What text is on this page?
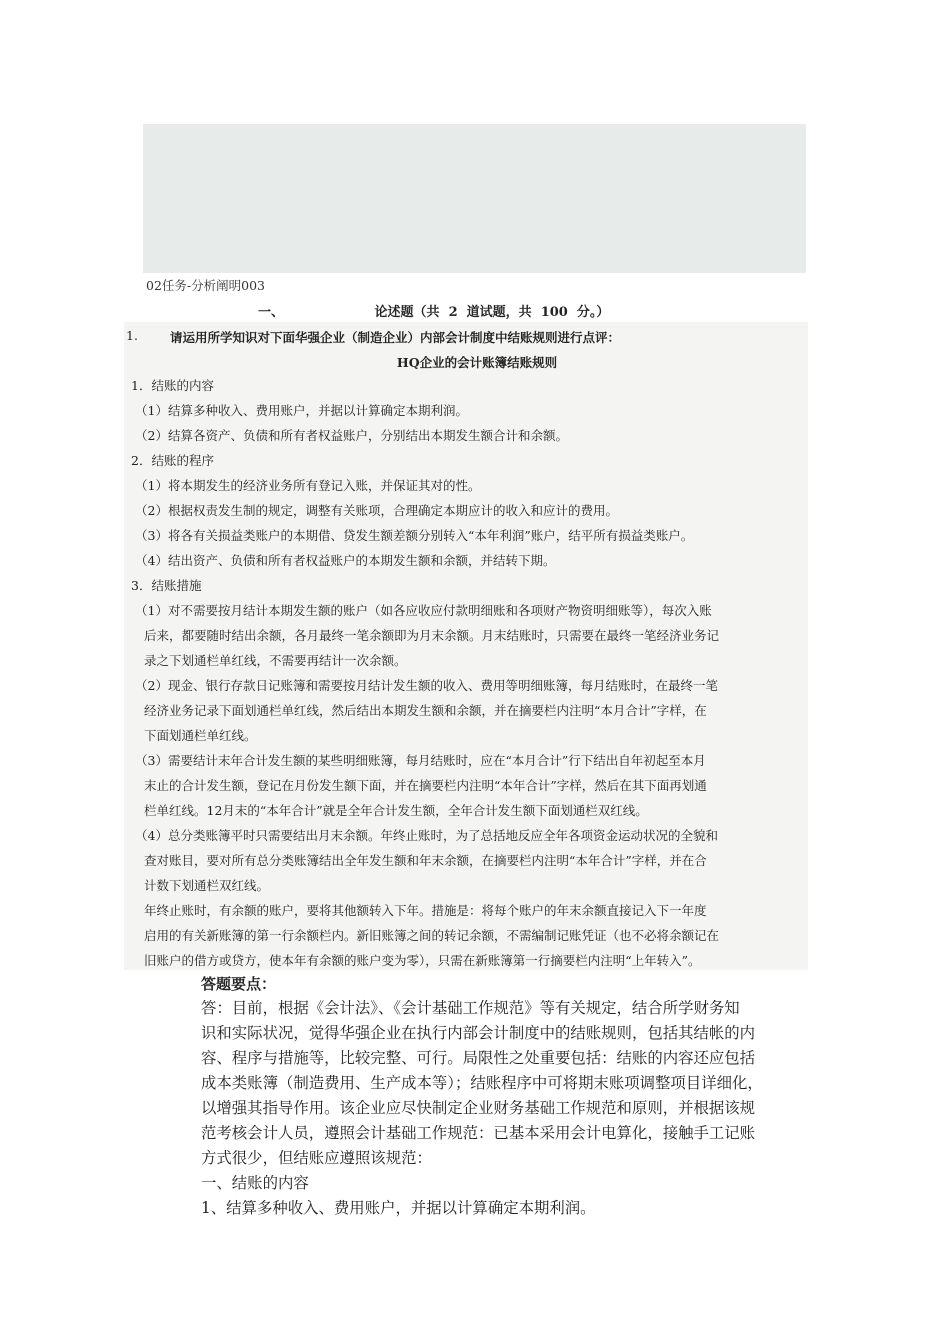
02任务-分析阐明003
一、                    论述题（共  2  道试题，共  100  分。）
1.	请运用所学知识对下面华强企业（制造企业）内部会计制度中结账规则进行点评：
HQ企业的会计账簿结账规则
1．结账的内容
（1）结算多种收入、费用账户，并据以计算确定本期利润。
（2）结算各资产、负债和所有者权益账户，分别结出本期发生额合计和余额。
2．结账的程序
（1）将本期发生的经济业务所有登记入账，并保证其对的性。
（2）根据权责发生制的规定，调整有关账项，合理确定本期应计的收入和应计的费用。
（3）将各有关损益类账户的本期借、贷发生额差额分别转入“本年利润”账户，结平所有损益类账户。
（4）结出资产、负债和所有者权益账户的本期发生额和余额，并结转下期。
3．结账措施
（1）对不需要按月结计本期发生额的账户（如各应收应付款明细账和各项财产物资明细账等），每次入账
后来，都要随时结出余额，各月最终一笔余额即为月末余额。月末结账时，只需要在最终一笔经济业务记
录之下划通栏单红线，不需要再结计一次余额。
（2）现金、银行存款日记账簿和需要按月结计发生额的收入、费用等明细账簿，每月结账时，在最终一笔
经济业务记录下面划通栏单红线，然后结出本期发生额和余额，并在摘要栏内注明“本月合计”字样，在
下面划通栏单红线。
（3）需要结计末年合计发生额的某些明细账簿，每月结账时，应在“本月合计”行下结出自年初起至本月
末止的合计发生额，登记在月份发生额下面，并在摘要栏内注明“本年合计”字样，然后在其下面再划通
栏单红线。12月末的“本年合计”就是全年合计发生额，全年合计发生额下面划通栏双红线。
（4）总分类账簿平时只需要结出月末余额。年终止账时，为了总括地反应全年各项资金运动状况的全貌和
查对账目，要对所有总分类账簿结出全年发生额和年末余额，在摘要栏内注明“本年合计”字样，并在合
计数下划通栏双红线。
年终止账时，有余额的账户，要将其他额转入下年。措施是：将每个账户的年末余额直接记入下一年度
启用的有关新账簿的第一行余额栏内。新旧账簿之间的转记余额，不需编制记账凭证（也不必将余额记在
旧账户的借方或贷方，使本年有余额的账户变为零），只需在新账簿第一行摘要栏内注明“上年转入”。
答题要点：
答：目前，根据《会计法》、《会计基础工作规范》等有关规定，结合所学财务知
识和实际状况，觉得华强企业在执行内部会计制度中的结账规则，包括其结帐的内
容、程序与措施等，比较完整、可行。局限性之处重要包括：结账的内容还应包括
成本类账簿（制造费用、生产成本等）；结账程序中可将期末账项调整项目详细化，
以增强其指导作用。该企业应尽快制定企业财务基础工作规范和原则，并根据该规
范考核会计人员，遵照会计基础工作规范：已基本采用会计电算化，接触手工记账
方式很少，但结账应遵照该规范：
一、结账的内容
1、结算多种收入、费用账户，并据以计算确定本期利润。
